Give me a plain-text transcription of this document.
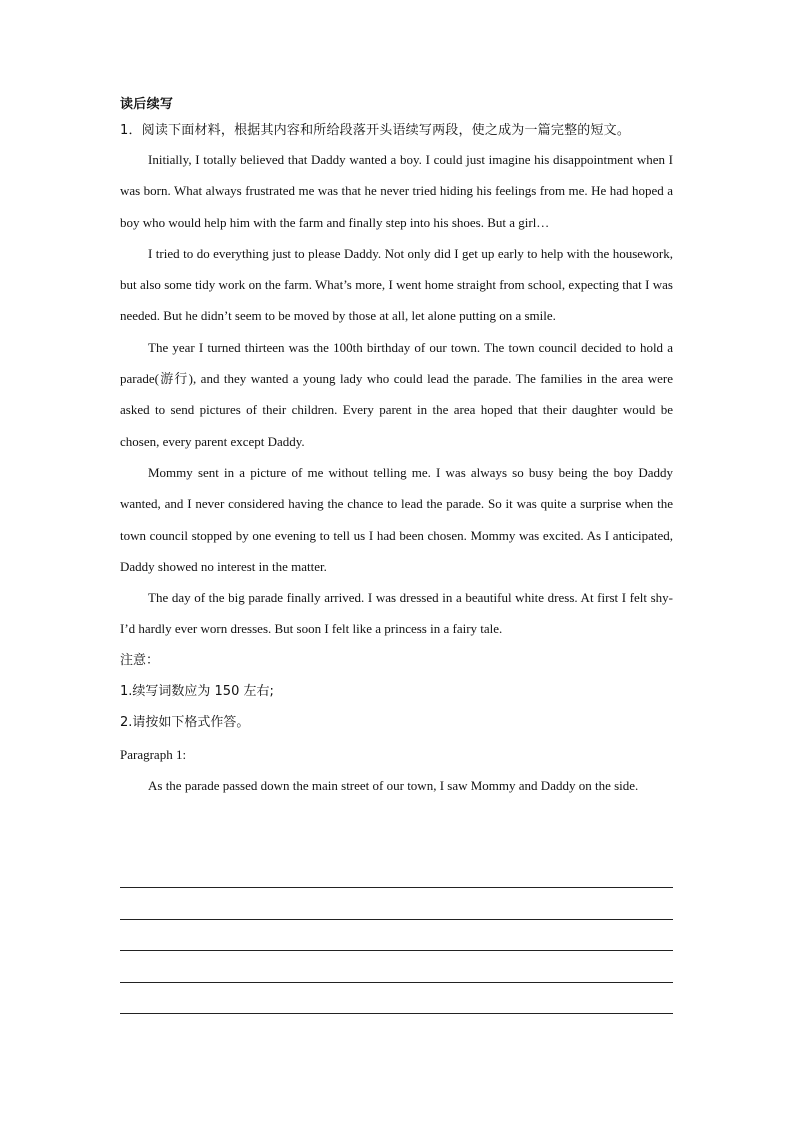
读后续写
1．阅读下面材料，根据其内容和所给段落开头语续写两段，使之成为一篇完整的短文。

Initially, I totally believed that Daddy wanted a boy. I could just imagine his disappointment when I was born. What always frustrated me was that he never tried hiding his feelings from me. He had hoped a boy who would help him with the farm and finally step into his shoes. But a girl…

I tried to do everything just to please Daddy. Not only did I get up early to help with the housework, but also some tidy work on the farm. What’s more, I went home straight from school, expecting that I was needed. But he didn’t seem to be moved by those at all, let alone putting on a smile.

The year I turned thirteen was the 100th birthday of our town. The town council decided to hold a parade(游行), and they wanted a young lady who could lead the parade. The families in the area were asked to send pictures of their children. Every parent in the area hoped that their daughter would be chosen, every parent except Daddy.

Mommy sent in a picture of me without telling me. I was always so busy being the boy Daddy wanted, and I never considered having the chance to lead the parade. So it was quite a surprise when the town council stopped by one evening to tell us I had been chosen. Mommy was excited. As I anticipated, Daddy showed no interest in the matter.

The day of the big parade finally arrived. I was dressed in a beautiful white dress. At first I felt shy-I’d hardly ever worn dresses. But soon I felt like a princess in a fairy tale.

注意：
1.续写词数应为 150 左右;
2.请按如下格式作答。
Paragraph 1:

As the parade passed down the main street of our town, I saw Mommy and Daddy on the side.
